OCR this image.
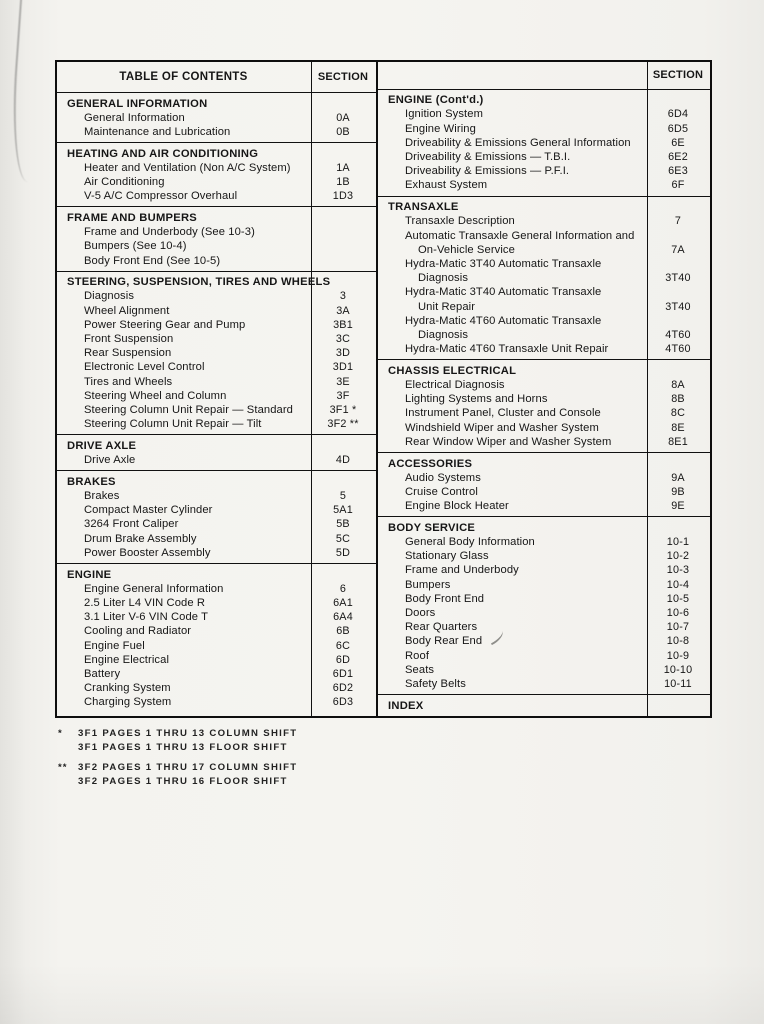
TABLE OF CONTENTS	SECTION
GENERAL INFORMATION
General Information	0A
Maintenance and Lubrication	0B
HEATING AND AIR CONDITIONING
Heater and Ventilation (Non A/C System)	1A
Air Conditioning	1B
V-5 A/C Compressor Overhaul	1D3
FRAME AND BUMPERS
Frame and Underbody (See 10-3)
Bumpers (See 10-4)
Body Front End (See 10-5)
STEERING, SUSPENSION, TIRES AND WHEELS
Diagnosis	3
Wheel Alignment	3A
Power Steering Gear and Pump	3B1
Front Suspension	3C
Rear Suspension	3D
Electronic Level Control	3D1
Tires and Wheels	3E
Steering Wheel and Column	3F
Steering Column Unit Repair — Standard	3F1 *
Steering Column Unit Repair — Tilt	3F2 **
DRIVE AXLE
Drive Axle	4D
BRAKES
Brakes	5
Compact Master Cylinder	5A1
3264 Front Caliper	5B
Drum Brake Assembly	5C
Power Booster Assembly	5D
ENGINE
Engine General Information	6
2.5 Liter L4 VIN Code R	6A1
3.1 Liter V-6 VIN Code T	6A4
Cooling and Radiator	6B
Engine Fuel	6C
Engine Electrical	6D
Battery	6D1
Cranking System	6D2
Charging System	6D3
SECTION
ENGINE (Cont'd.)
Ignition System	6D4
Engine Wiring	6D5
Driveability & Emissions General Information	6E
Driveability & Emissions — T.B.I.	6E2
Driveability & Emissions — P.F.I.	6E3
Exhaust System	6F
TRANSAXLE
Transaxle Description	7
Automatic Transaxle General Information and
On-Vehicle Service	7A
Hydra-Matic 3T40 Automatic Transaxle
Diagnosis	3T40
Hydra-Matic 3T40 Automatic Transaxle
Unit Repair	3T40
Hydra-Matic 4T60 Automatic Transaxle
Diagnosis	4T60
Hydra-Matic 4T60 Transaxle Unit Repair	4T60
CHASSIS ELECTRICAL
Electrical Diagnosis	8A
Lighting Systems and Horns	8B
Instrument Panel, Cluster and Console	8C
Windshield Wiper and Washer System	8E
Rear Window Wiper and Washer System	8E1
ACCESSORIES
Audio Systems	9A
Cruise Control	9B
Engine Block Heater	9E
BODY SERVICE
General Body Information	10-1
Stationary Glass	10-2
Frame and Underbody	10-3
Bumpers	10-4
Body Front End	10-5
Doors	10-6
Rear Quarters	10-7
Body Rear End	10-8
Roof	10-9
Seats	10-10
Safety Belts	10-11
INDEX
*	3F1 PAGES 1 THRU 13 COLUMN SHIFT
3F1 PAGES 1 THRU 13 FLOOR SHIFT
**	3F2 PAGES 1 THRU 17 COLUMN SHIFT
3F2 PAGES 1 THRU 16 FLOOR SHIFT
